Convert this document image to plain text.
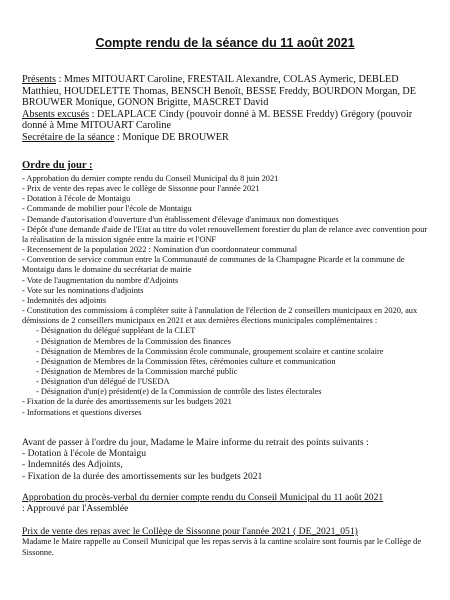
Compte rendu de la séance du 11 août 2021
Présents : Mmes MITOUART Caroline, FRESTAIL Alexandre, COLAS Aymeric, DEBLED Matthieu, HOUDELETTE Thomas, BENSCH Benoît, BESSE Freddy, BOURDON Morgan, DE BROUWER Monique, GONON Brigitte, MASCRET David
Absents excusés : DELAPLACE Cindy (pouvoir donné à M. BESSE Freddy) Grégory (pouvoir donné à Mme MITOUART Caroline
Secrétaire de la séance : Monique DE BROUWER
Ordre du jour :
- Approbation du dernier compte rendu du Conseil Municipal du 8 juin 2021
- Prix de vente des repas avec le collège de Sissonne pour l'année 2021
- Dotation à l'école de Montaigu
- Commande de mobilier pour l'école de Montaigu
- Demande d'autorisation d'ouverture d'un établissement d'élevage d'animaux non domestiques
- Dépôt d'une demande d'aide de l'Etat au titre du volet renouvellement forestier du plan de relance avec convention pour la réalisation de la mission signée entre la mairie et l'ONF
- Recensement de la population 2022 : Nomination d'un coordonnateur communal
- Convention de service commun entre la Communauté de communes de la Champagne Picarde et la commune de Montaigu dans le domaine du secrétariat de mairie
- Vote de l'augmentation du nombre d'Adjoints
- Vote sur les nominations d'adjoints
- Indemnités des adjoints
- Constitution des commissions à compléter suite à l'annulation de l'élection de 2 conseillers municipaux en 2020, aux démissions de 2 conseillers municipaux en 2021 et aux dernières élections municipales complémentaires :
- Désignation du délégué suppléant de la CLET
- Désignation de Membres de la Commission des finances
- Désignation de Membres de la Commission école communale, groupement scolaire et cantine scolaire
- Désignation de Membres de la Commission fêtes, cérémonies culture et communication
- Désignation de Membres de la Commission marché public
- Désignation d'un délégué de l'USEDA
- Désignation d'un(e) président(e) de la Commission de contrôle des listes électorales
- Fixation de la durée des amortissements sur les budgets 2021
- Informations et questions diverses
Avant de passer à l'ordre du jour, Madame le Maire informe du retrait des points suivants :
- Dotation à l'école de Montaigu
- Indemnités des Adjoints,
- Fixation de la durée des amortissements sur les budgets 2021
Approbation du procès-verbal du dernier compte rendu du Conseil Municipal du 11 août 2021
: Approuvé par l'Assemblée
Prix de vente des repas avec le Collège de Sissonne pour l'année 2021 ( DE_2021_051)
Madame le Maire rappelle au Conseil Municipal que les repas servis à la cantine scolaire sont fournis par le Collège de Sissonne.
